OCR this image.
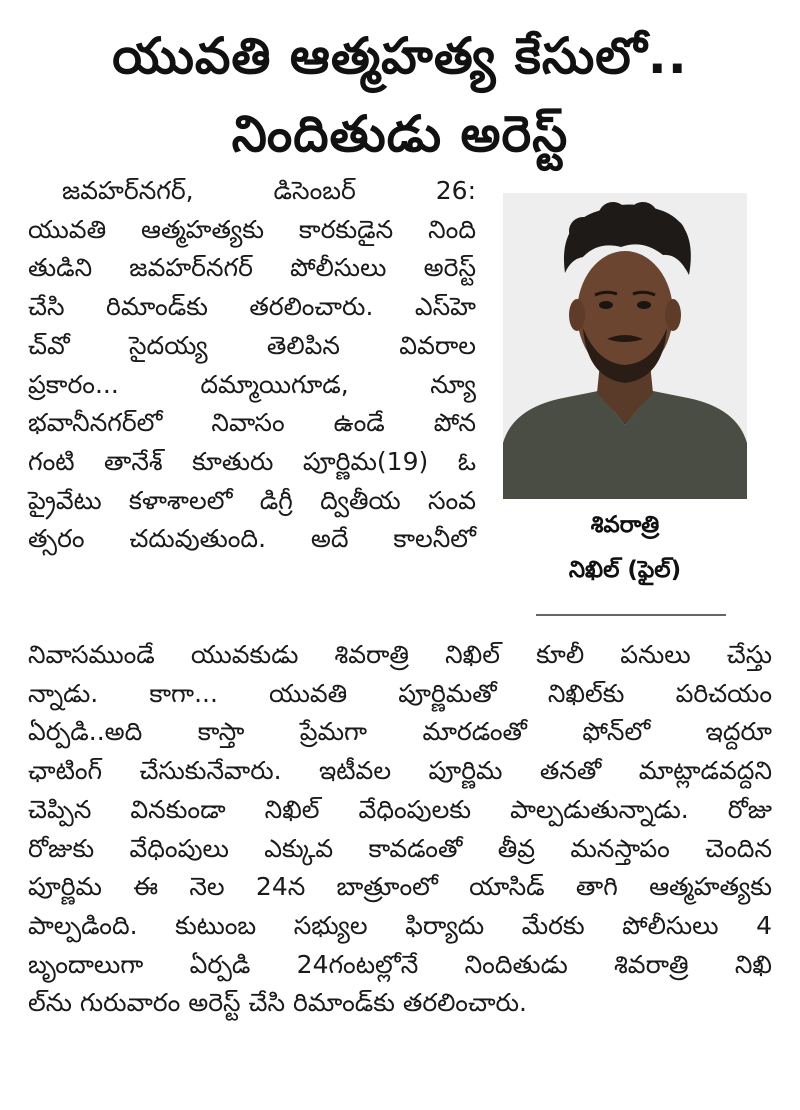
యువతి ఆత్మహత్య కేసులో..
నిందితుడు అరెస్ట్
జవహర్‌నగర్, డిసెంబర్ 26:
యువతి ఆత్మహత్యకు కారకుడైన నింది
తుడిని జవహర్‌నగర్ పోలీసులు అరెస్ట్
చేసి రిమాండ్‌కు తరలించారు. ఎస్‌హె
చ్‌వో సైదయ్య తెలిపిన వివరాల
ప్రకారం... దమ్మాయిగూడ, న్యూ
భవానీనగర్‌లో నివాసం ఉండే పోన
గంటి తానేశ్ కూతురు పూర్ణిమ(19) ఓ
ప్రైవేటు కళాశాలలో డిగ్రీ ద్వితీయ సంవ
త్సరం చదువుతుంది. అదే కాలనీలో	శివరాత్రి
నిఖిల్ (ఫైల్)
నివాసముండే యువకుడు శివరాత్రి నిఖిల్ కూలీ పనులు చేస్తు
న్నాడు. కాగా... యువతి పూర్ణిమతో నిఖిల్‌కు పరిచయం
ఏర్పడి..అది కాస్తా ప్రేమగా మారడంతో ఫోన్‌లో ఇద్దరూ
ఛాటింగ్ చేసుకునేవారు. ఇటీవల పూర్ణిమ తనతో మాట్లాడవద్దని
చెప్పిన వినకుండా నిఖిల్ వేధింపులకు పాల్పడుతున్నాడు. రోజు
రోజుకు వేధింపులు ఎక్కువ కావడంతో తీవ్ర మనస్తాపం చెందిన
పూర్ణిమ ఈ నెల 24న బాత్రూంలో యాసిడ్ తాగి ఆత్మహత్యకు
పాల్పడింది. కుటుంబ సభ్యుల ఫిర్యాదు మేరకు పోలీసులు 4
బృందాలుగా ఏర్పడి 24గంటల్లోనే నిందితుడు శివరాత్రి నిఖి
ల్‌ను గురువారం అరెస్ట్ చేసి రిమాండ్‌కు తరలించారు.
